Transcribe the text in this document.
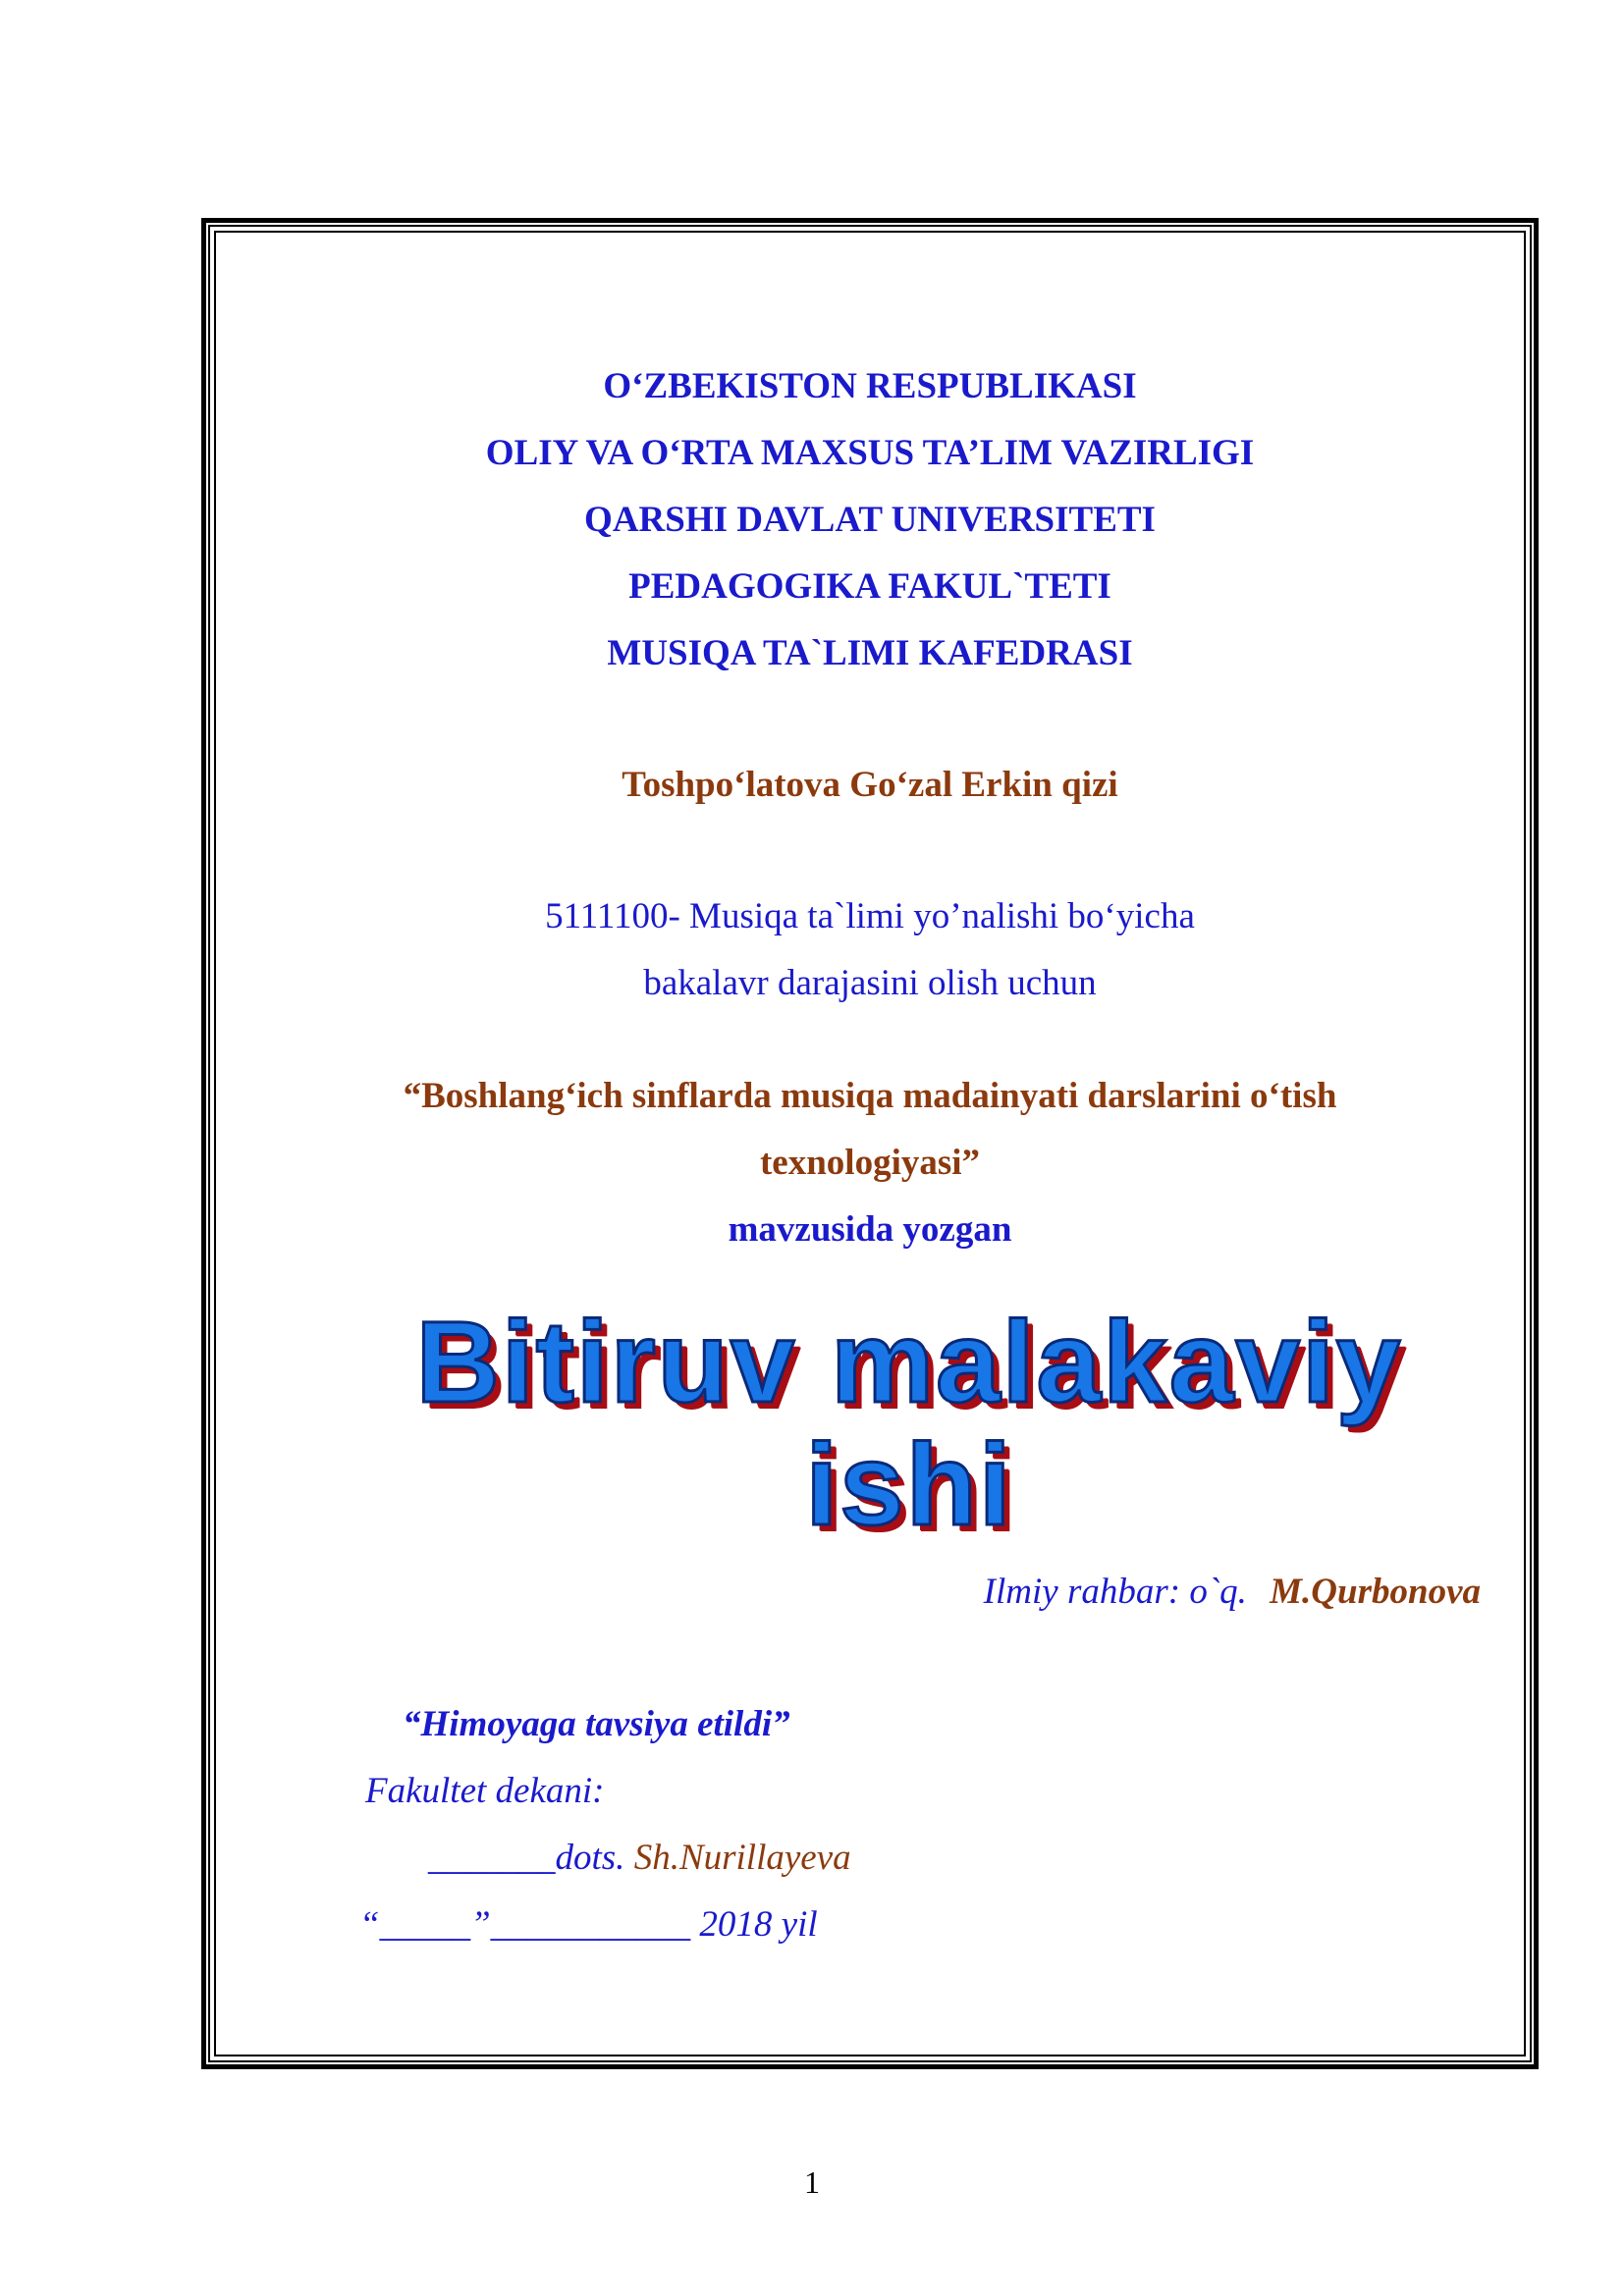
O‘ZBEKISTON RESPUBLIKASI
OLIY VA O‘RTA MAXSUS TA’LIM VAZIRLIGI
QARSHI DAVLAT UNIVERSITETI
PEDAGOGIKA FAKUL`TETI
MUSIQA TA`LIMI KAFEDRASI
Toshpo‘latova Go‘zal Erkin qizi
5111100- Musiqa ta`limi yo’nalishi bo‘yicha
bakalavr darajasini olish uchun
“Boshlang‘ich sinflarda musiqa madainyati darslarini o‘tish
texnologiyasi”
mavzusida yozgan
Bitiruv malakaviy
ishi
Ilmiy rahbar: o`q. M.Qurbonova
“Himoyaga tavsiya etildi”
Fakultet dekani:
_______dots. Sh.Nurillayeva
“_____”___________ 2018 yil
1
